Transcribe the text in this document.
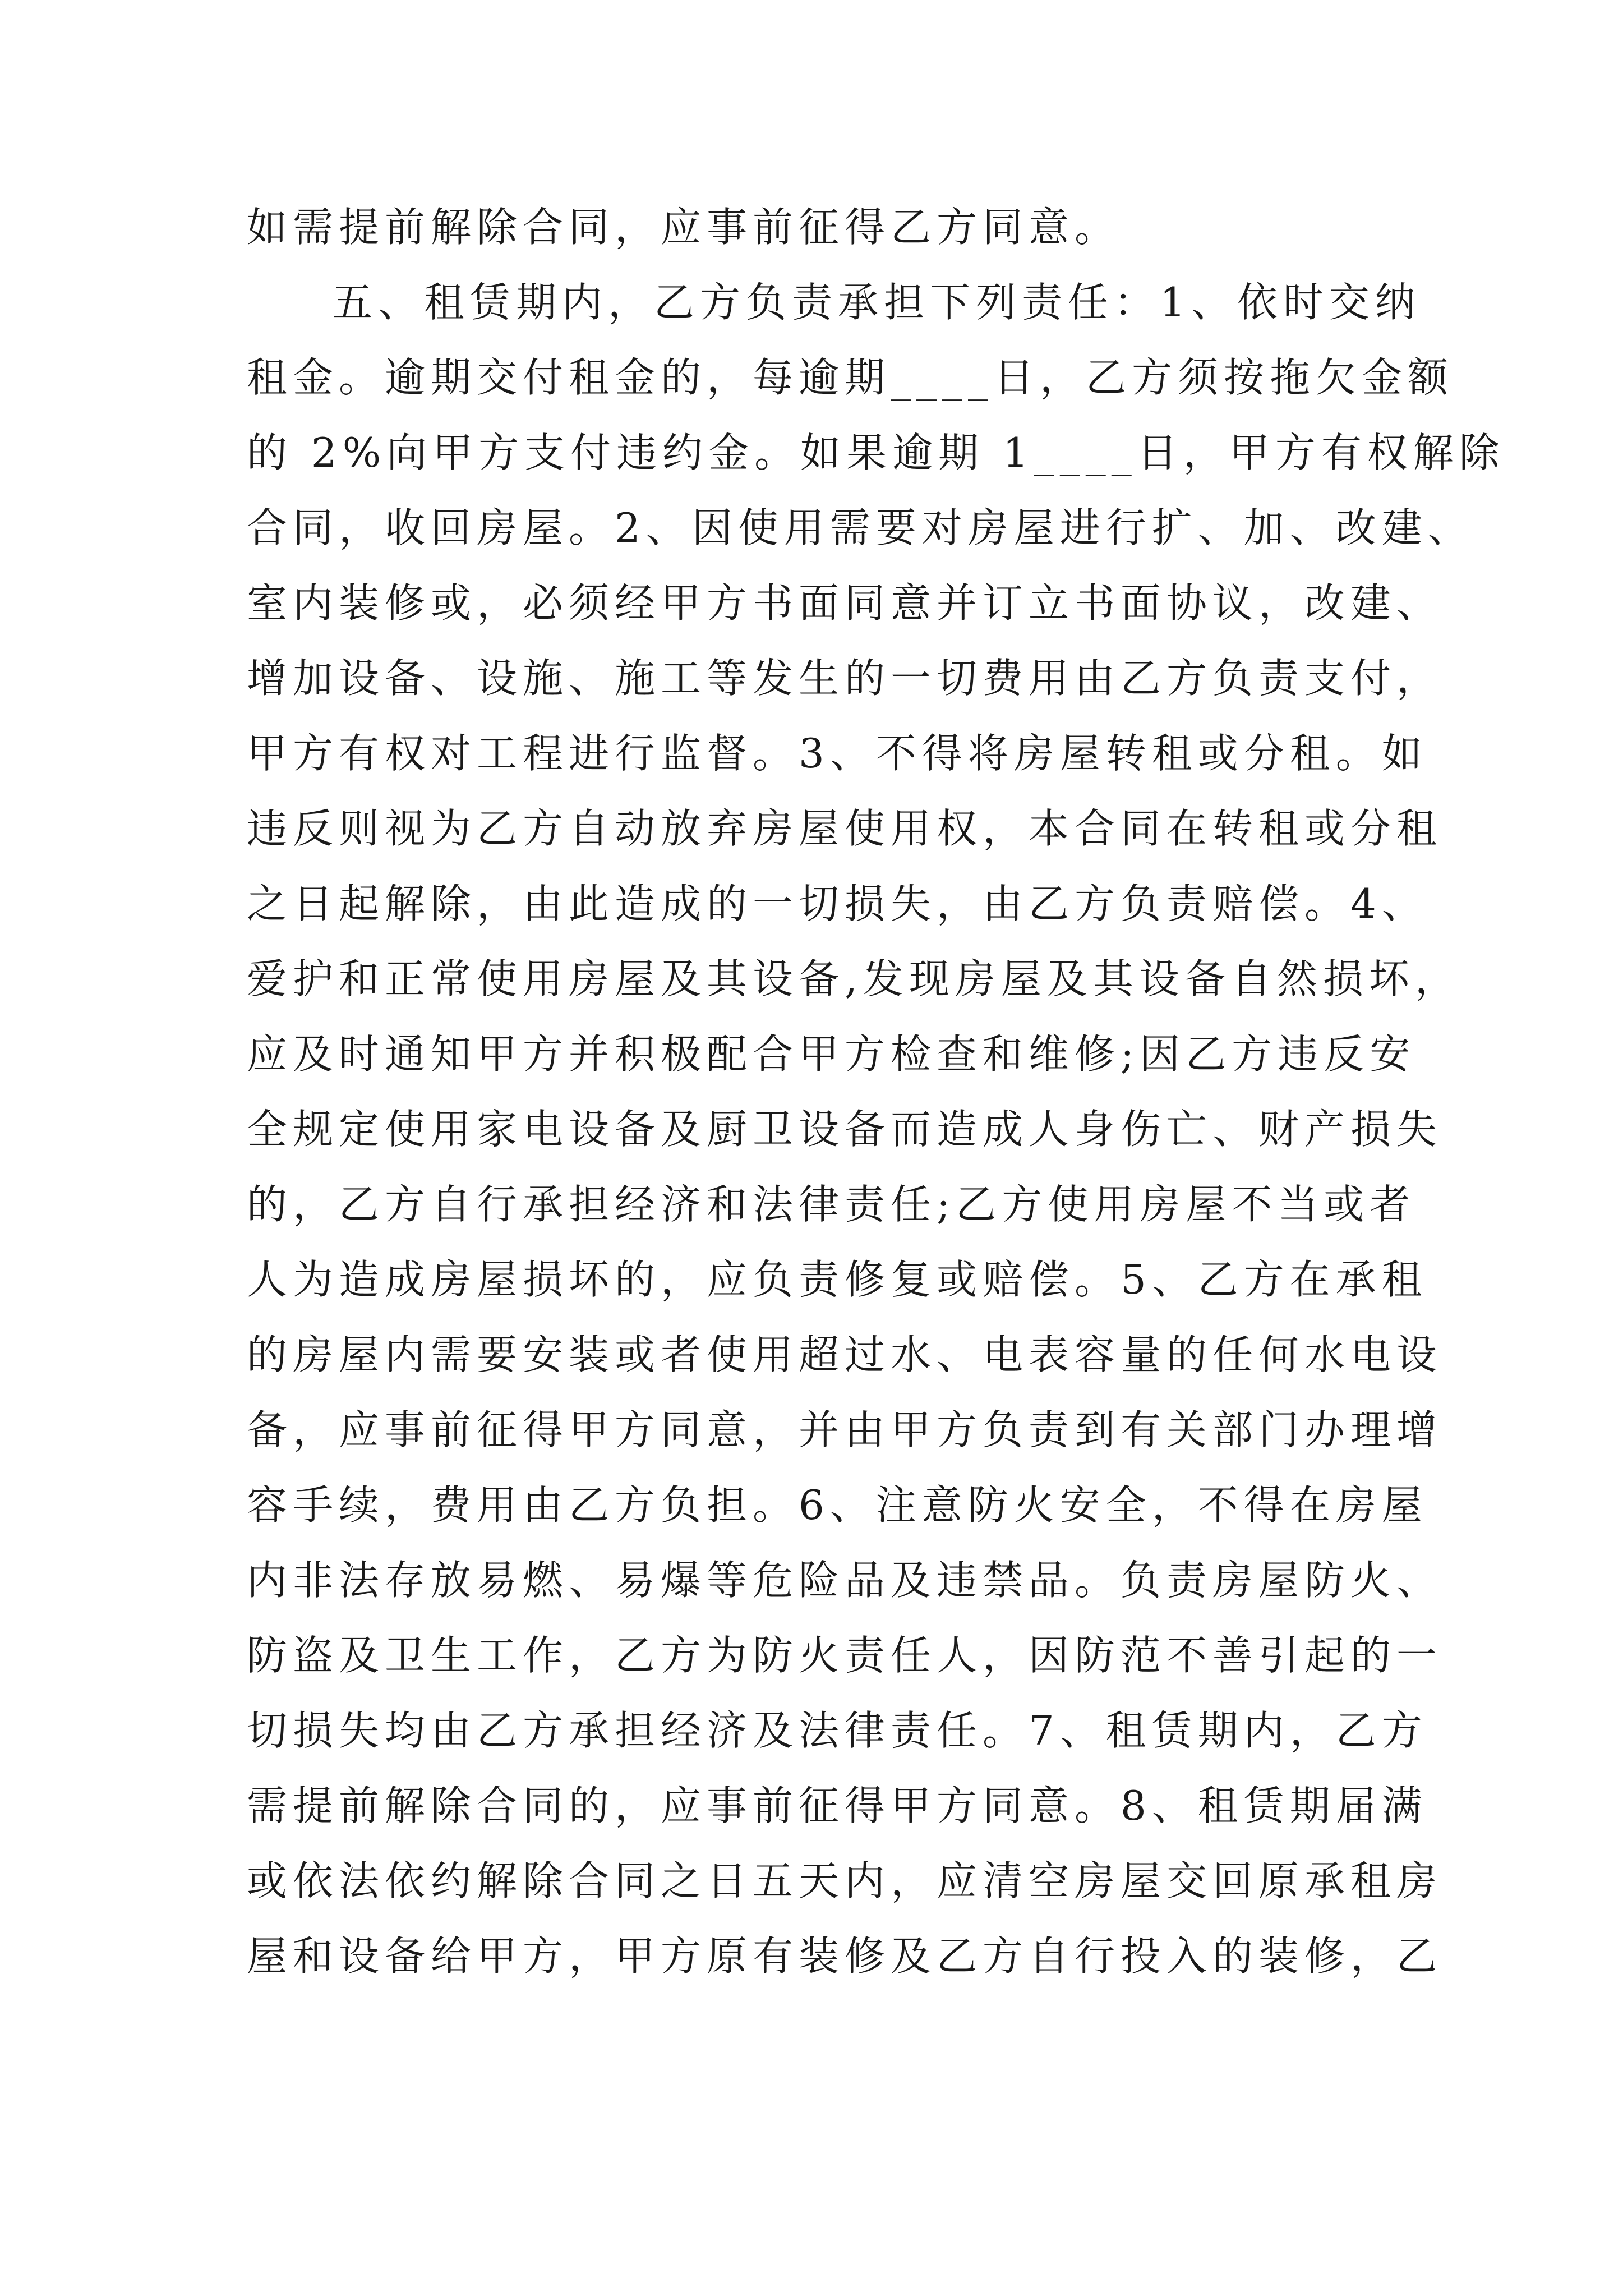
如需提前解除合同，应事前征得乙方同意。
五、租赁期内，乙方负责承担下列责任：1、依时交纳
租金。逾期交付租金的，每逾期____日，乙方须按拖欠金额
的 2%向甲方支付违约金。如果逾期 1____日，甲方有权解除
合同，收回房屋。2、因使用需要对房屋进行扩、加、改建、
室内装修或，必须经甲方书面同意并订立书面协议，改建、
增加设备、设施、施工等发生的一切费用由乙方负责支付，
甲方有权对工程进行监督。3、不得将房屋转租或分租。如
违反则视为乙方自动放弃房屋使用权，本合同在转租或分租
之日起解除，由此造成的一切损失，由乙方负责赔偿。4、
爱护和正常使用房屋及其设备,发现房屋及其设备自然损坏，
应及时通知甲方并积极配合甲方检查和维修;因乙方违反安
全规定使用家电设备及厨卫设备而造成人身伤亡、财产损失
的，乙方自行承担经济和法律责任;乙方使用房屋不当或者
人为造成房屋损坏的，应负责修复或赔偿。5、乙方在承租
的房屋内需要安装或者使用超过水、电表容量的任何水电设
备，应事前征得甲方同意，并由甲方负责到有关部门办理增
容手续，费用由乙方负担。6、注意防火安全，不得在房屋
内非法存放易燃、易爆等危险品及违禁品。负责房屋防火、
防盗及卫生工作，乙方为防火责任人，因防范不善引起的一
切损失均由乙方承担经济及法律责任。7、租赁期内，乙方
需提前解除合同的，应事前征得甲方同意。8、租赁期届满
或依法依约解除合同之日五天内，应清空房屋交回原承租房
屋和设备给甲方，甲方原有装修及乙方自行投入的装修，乙
